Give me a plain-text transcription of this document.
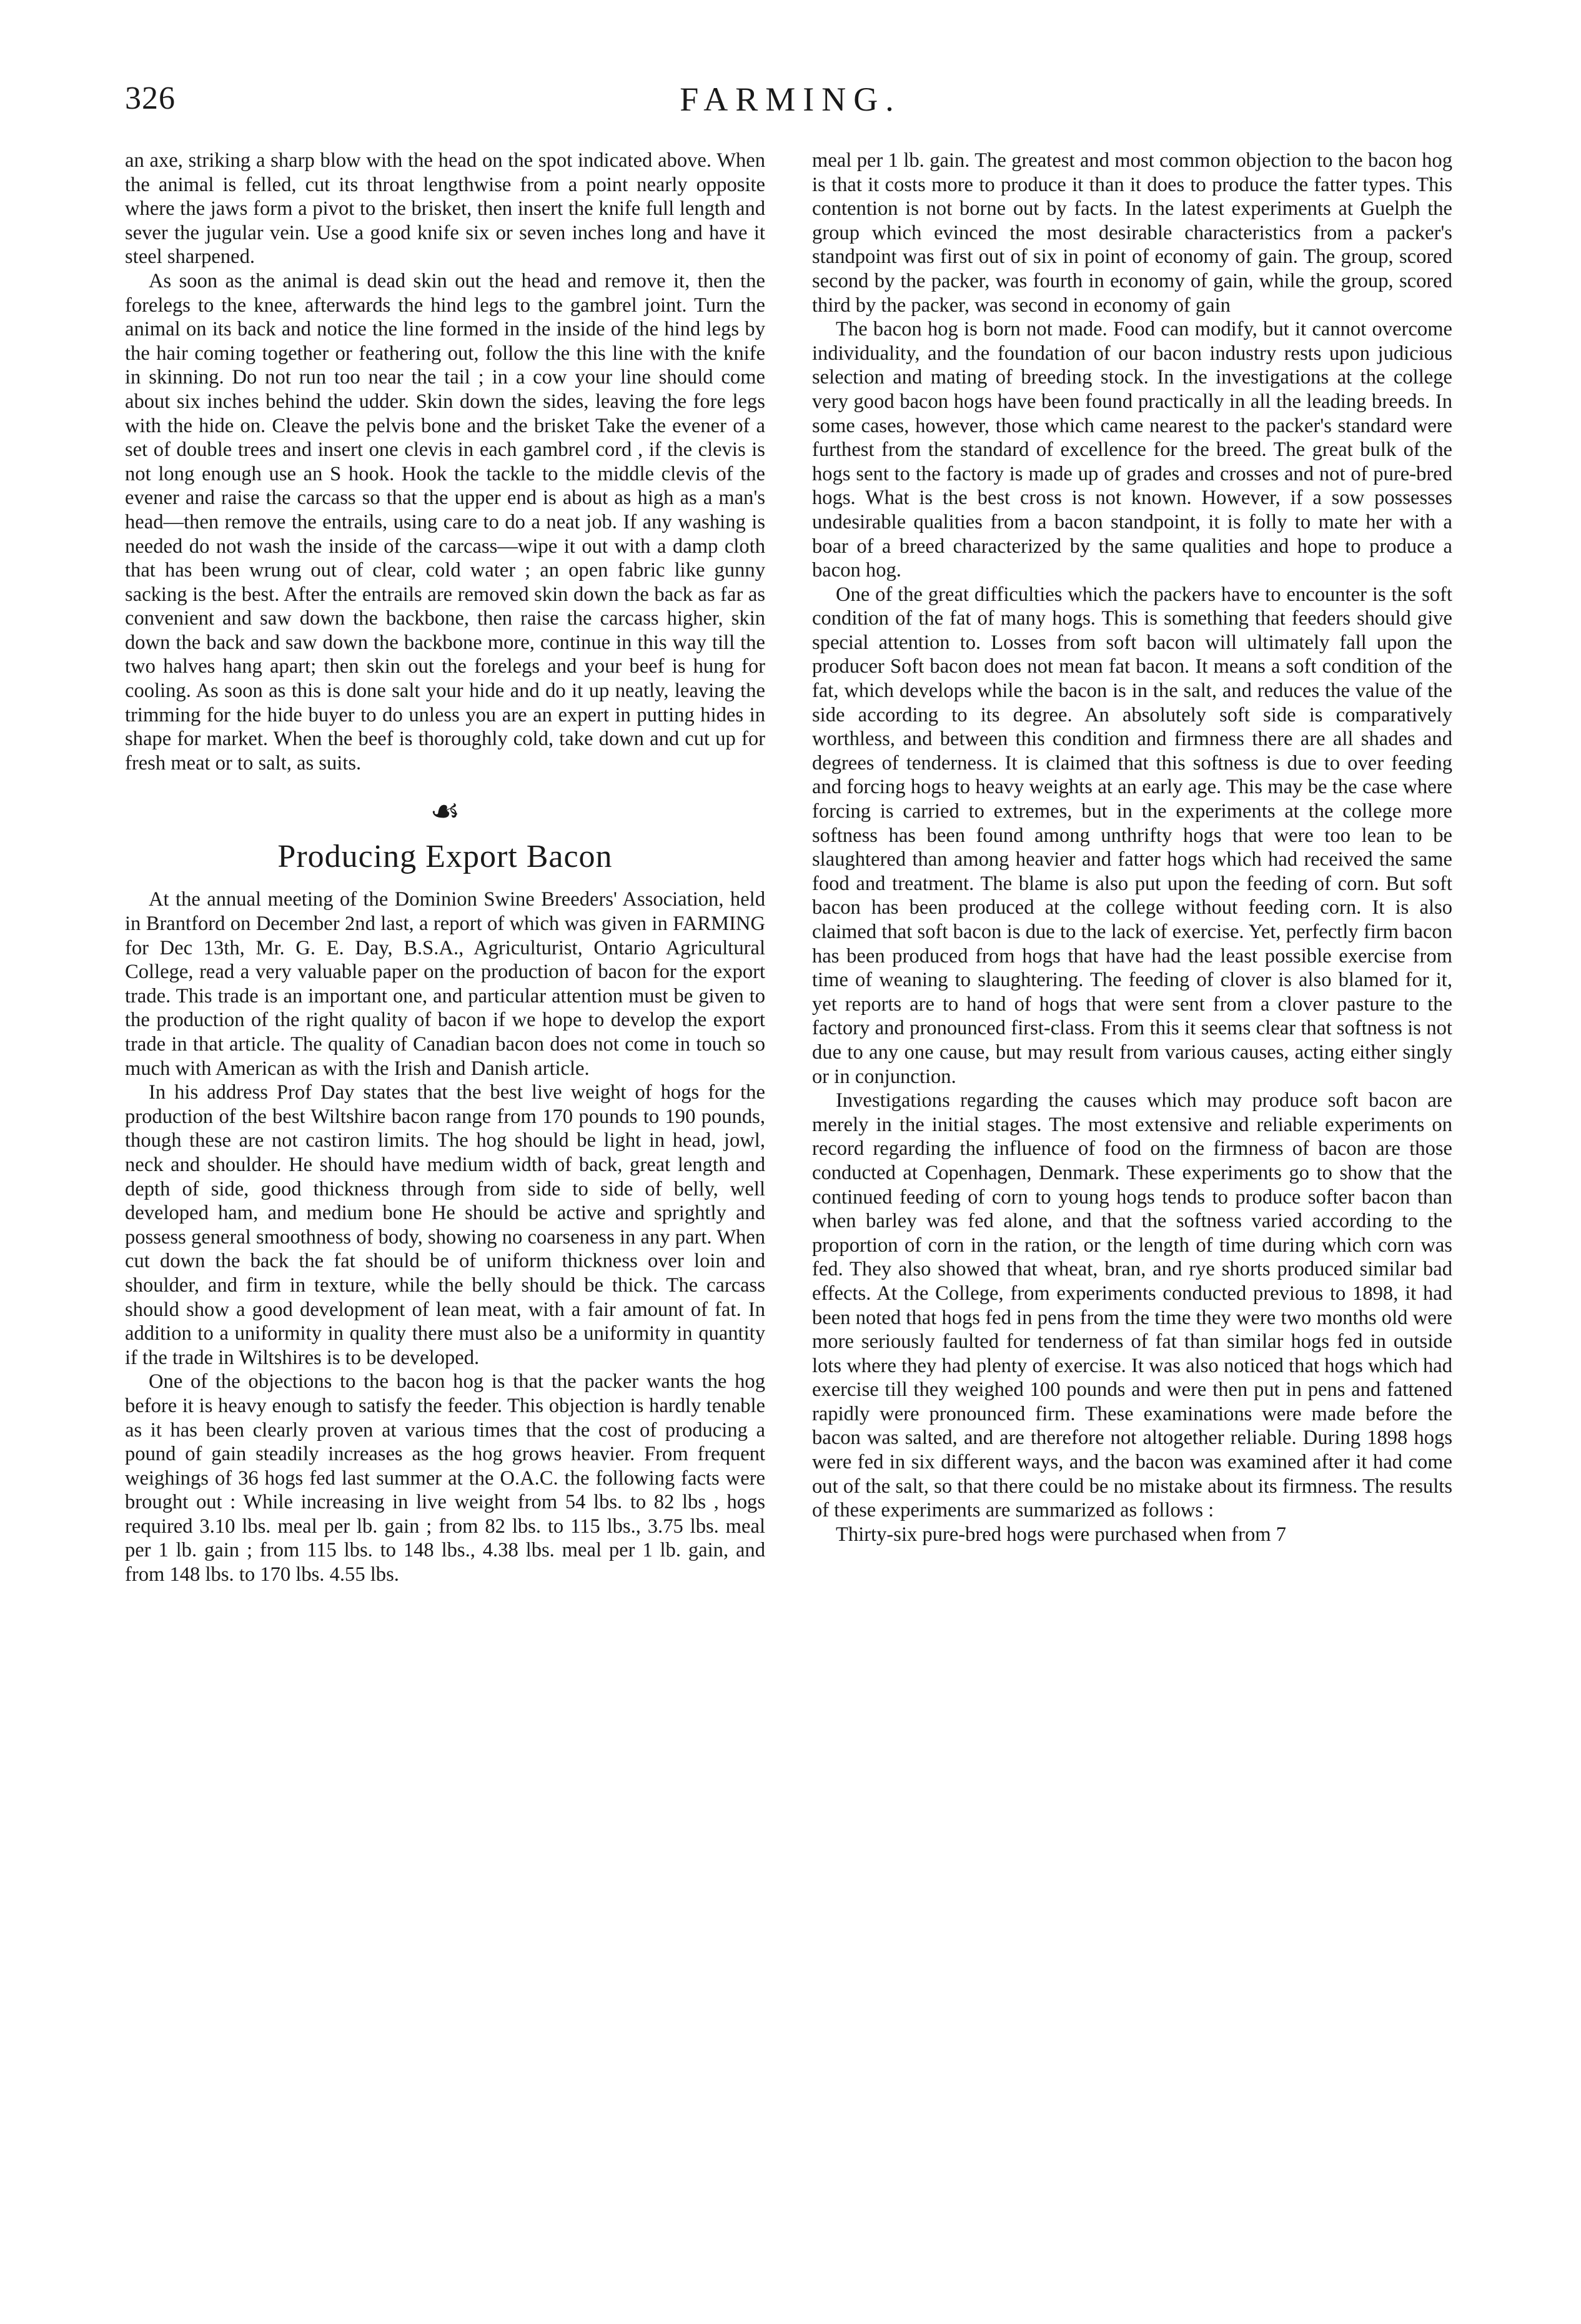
326	FARMING.

an axe, striking a sharp blow with the head on the spot indicated above. When the animal is felled, cut its throat lengthwise from a point nearly opposite where the jaws form a pivot to the brisket, then insert the knife full length and sever the jugular vein. Use a good knife six or seven inches long and have it steel sharpened.

As soon as the animal is dead skin out the head and remove it, then the forelegs to the knee, afterwards the hind legs to the gambrel joint. Turn the animal on its back and notice the line formed in the inside of the hind legs by the hair coming together or feathering out, follow the this line with the knife in skinning. Do not run too near the tail ; in a cow your line should come about six inches behind the udder. Skin down the sides, leaving the fore legs with the hide on. Cleave the pelvis bone and the brisket Take the evener of a set of double trees and insert one clevis in each gambrel cord , if the clevis is not long enough use an S hook. Hook the tackle to the middle clevis of the evener and raise the carcass so that the upper end is about as high as a man's head—then remove the entrails, using care to do a neat job. If any washing is needed do not wash the inside of the carcass—wipe it out with a damp cloth that has been wrung out of clear, cold water ; an open fabric like gunny sacking is the best. After the entrails are removed skin down the back as far as convenient and saw down the backbone, then raise the carcass higher, skin down the back and saw down the backbone more, continue in this way till the two halves hang apart; then skin out the forelegs and your beef is hung for cooling. As soon as this is done salt your hide and do it up neatly, leaving the trimming for the hide buyer to do unless you are an expert in putting hides in shape for market. When the beef is thoroughly cold, take down and cut up for fresh meat or to salt, as suits.

☙
Producing Export Bacon

At the annual meeting of the Dominion Swine Breeders' Association, held in Brantford on December 2nd last, a report of which was given in FARMING for Dec 13th, Mr. G. E. Day, B.S.A., Agriculturist, Ontario Agricultural College, read a very valuable paper on the production of bacon for the export trade. This trade is an important one, and particular attention must be given to the production of the right quality of bacon if we hope to develop the export trade in that article. The quality of Canadian bacon does not come in touch so much with American as with the Irish and Danish article.

In his address Prof Day states that the best live weight of hogs for the production of the best Wiltshire bacon range from 170 pounds to 190 pounds, though these are not castiron limits. The hog should be light in head, jowl, neck and shoulder. He should have medium width of back, great length and depth of side, good thickness through from side to side of belly, well developed ham, and medium bone He should be active and sprightly and possess general smoothness of body, showing no coarseness in any part. When cut down the back the fat should be of uniform thickness over loin and shoulder, and firm in texture, while the belly should be thick. The carcass should show a good development of lean meat, with a fair amount of fat. In addition to a uniformity in quality there must also be a uniformity in quantity if the trade in Wiltshires is to be developed.

One of the objections to the bacon hog is that the packer wants the hog before it is heavy enough to satisfy the feeder. This objection is hardly tenable as it has been clearly proven at various times that the cost of producing a pound of gain steadily increases as the hog grows heavier. From frequent weighings of 36 hogs fed last summer at the O.A.C. the following facts were brought out : While increasing in live weight from 54 lbs. to 82 lbs , hogs required 3.10 lbs. meal per lb. gain ; from 82 lbs. to 115 lbs., 3.75 lbs. meal per 1 lb. gain ; from 115 lbs. to 148 lbs., 4.38 lbs. meal per 1 lb. gain, and from 148 lbs. to 170 lbs. 4.55 lbs.

meal per 1 lb. gain. The greatest and most common objection to the bacon hog is that it costs more to produce it than it does to produce the fatter types. This contention is not borne out by facts. In the latest experiments at Guelph the group which evinced the most desirable characteristics from a packer's standpoint was first out of six in point of economy of gain. The group, scored second by the packer, was fourth in economy of gain, while the group, scored third by the packer, was second in economy of gain

The bacon hog is born not made. Food can modify, but it cannot overcome individuality, and the foundation of our bacon industry rests upon judicious selection and mating of breeding stock. In the investigations at the college very good bacon hogs have been found practically in all the leading breeds. In some cases, however, those which came nearest to the packer's standard were furthest from the standard of excellence for the breed. The great bulk of the hogs sent to the factory is made up of grades and crosses and not of pure-bred hogs. What is the best cross is not known. However, if a sow possesses undesirable qualities from a bacon standpoint, it is folly to mate her with a boar of a breed characterized by the same qualities and hope to produce a bacon hog.

One of the great difficulties which the packers have to encounter is the soft condition of the fat of many hogs. This is something that feeders should give special attention to. Losses from soft bacon will ultimately fall upon the producer Soft bacon does not mean fat bacon. It means a soft condition of the fat, which develops while the bacon is in the salt, and reduces the value of the side according to its degree. An absolutely soft side is comparatively worthless, and between this condition and firmness there are all shades and degrees of tenderness. It is claimed that this softness is due to over feeding and forcing hogs to heavy weights at an early age. This may be the case where forcing is carried to extremes, but in the experiments at the college more softness has been found among unthrifty hogs that were too lean to be slaughtered than among heavier and fatter hogs which had received the same food and treatment. The blame is also put upon the feeding of corn. But soft bacon has been produced at the college without feeding corn. It is also claimed that soft bacon is due to the lack of exercise. Yet, perfectly firm bacon has been produced from hogs that have had the least possible exercise from time of weaning to slaughtering. The feeding of clover is also blamed for it, yet reports are to hand of hogs that were sent from a clover pasture to the factory and pronounced first-class. From this it seems clear that softness is not due to any one cause, but may result from various causes, acting either singly or in conjunction.

Investigations regarding the causes which may produce soft bacon are merely in the initial stages. The most extensive and reliable experiments on record regarding the influence of food on the firmness of bacon are those conducted at Copenhagen, Denmark. These experiments go to show that the continued feeding of corn to young hogs tends to produce softer bacon than when barley was fed alone, and that the softness varied according to the proportion of corn in the ration, or the length of time during which corn was fed. They also showed that wheat, bran, and rye shorts produced similar bad effects. At the College, from experiments conducted previous to 1898, it had been noted that hogs fed in pens from the time they were two months old were more seriously faulted for tenderness of fat than similar hogs fed in outside lots where they had plenty of exercise. It was also noticed that hogs which had exercise till they weighed 100 pounds and were then put in pens and fattened rapidly were pronounced firm. These examinations were made before the bacon was salted, and are therefore not altogether reliable. During 1898 hogs were fed in six different ways, and the bacon was examined after it had come out of the salt, so that there could be no mistake about its firmness. The results of these experiments are summarized as follows :

Thirty-six pure-bred hogs were purchased when from 7
